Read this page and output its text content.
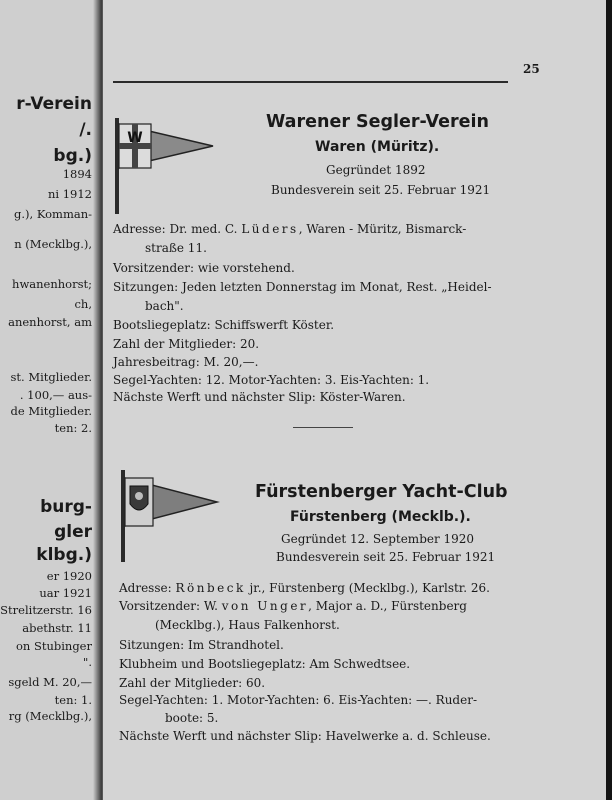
r-Verein
/.
bg.)
1894
ni 1912
g.), Komman-
n (Mecklbg.),
hwanenhorst;
ch,
anenhorst, am
st. Mitglieder.
. 100,— aus-
de Mitglieder.
ten: 2.
burg-
gler
klbg.)
er 1920
uar 1921
Strelitzerstr. 16
abethstr. 11
on Stubinger
".
sgeld M. 20,—
ten: 1.
rg (Mecklbg.),
25
W
Warener Segler-Verein
Waren (Müritz).
Gegründet 1892
Bundesverein seit 25. Februar 1921
Adresse: Dr. med. C. Lüders, Waren - Müritz, Bismarck-
straße 11.
Vorsitzender: wie vorstehend.
Sitzungen: Jeden letzten Donnerstag im Monat, Rest. „Heidel-
bach".
Bootsliegeplatz: Schiffswerft Köster.
Zahl der Mitglieder: 20.
Jahresbeitrag: M. 20,—.
Segel-Yachten: 12. Motor-Yachten: 3. Eis-Yachten: 1.
Nächste Werft und nächster Slip: Köster-Waren.
Fürstenberger Yacht-Club
Fürstenberg (Mecklb.).
Gegründet 12. September 1920
Bundesverein seit 25. Februar 1921
Adresse: Rönbeck jr., Fürstenberg (Mecklbg.), Karlstr. 26.
Vorsitzender: W. von Unger, Major a. D., Fürstenberg
(Mecklbg.), Haus Falkenhorst.
Sitzungen: Im Strandhotel.
Klubheim und Bootsliegeplatz: Am Schwedtsee.
Zahl der Mitglieder: 60.
Segel-Yachten: 1. Motor-Yachten: 6. Eis-Yachten: —. Ruder-
boote: 5.
Nächste Werft und nächster Slip: Havelwerke a. d. Schleuse.
